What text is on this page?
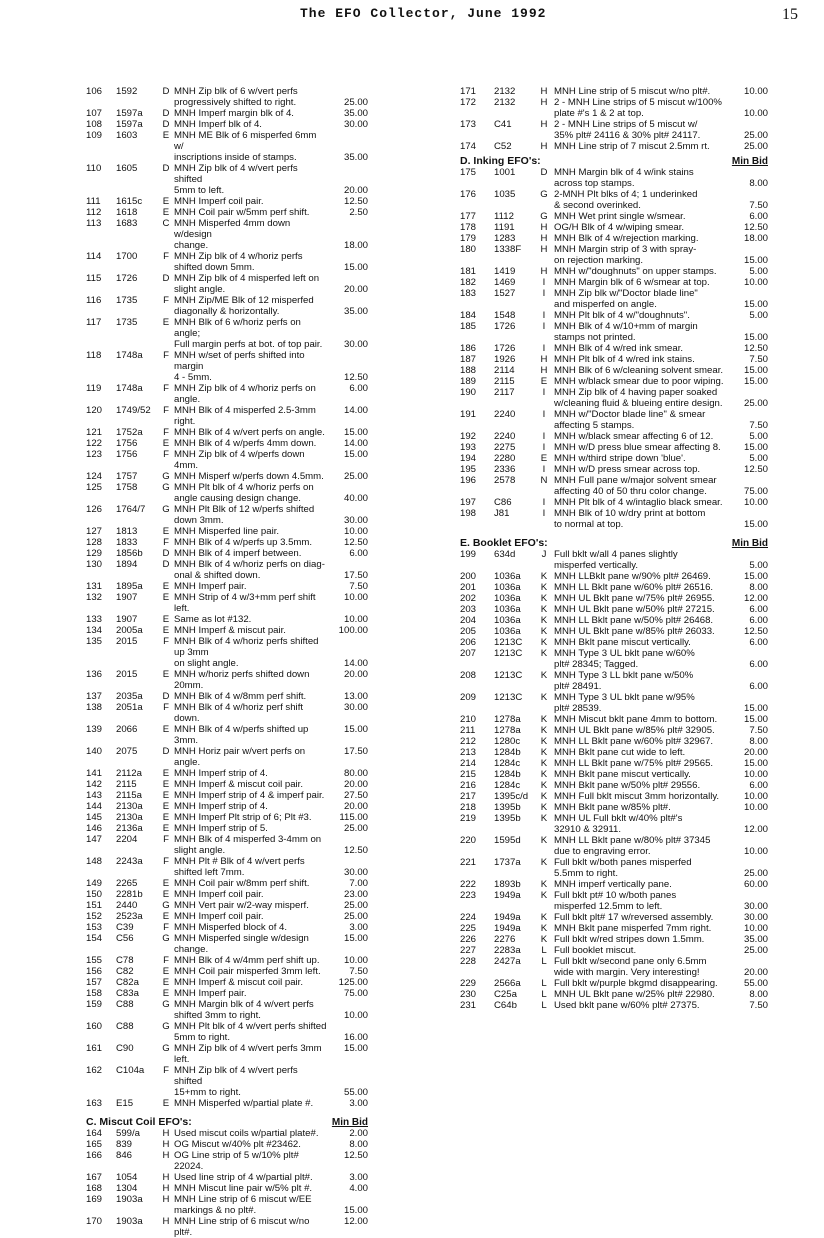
The EFO Collector, June 1992	15
106	1592	D MNH Zip blk of 6 w/vert perfs
progressively shifted to right.	25.00
107	1597a	D MNH Imperf margin blk of 4.	35.00
108	1597a	D MNH Imperf blk of 4.	30.00
109	1603	E MNH ME Blk of 6 misperfed 6mm w/
inscriptions inside of stamps.	35.00
110	1605	D MNH Zip blk of 4 w/vert perfs shifted
5mm to left.	20.00
111	1615c	E MNH Imperf coil pair.	12.50
112	1618	E MNH Coil pair w/5mm perf shift.	2.50
113	1683	C MNH Misperfed 4mm down w/design
change.	18.00
114	1700	F MNH Zip blk of 4 w/horiz perfs
shifted down 5mm.	15.00
115	1726	D MNH Zip blk of 4 misperfed left on
slight angle.	20.00
116	1735	F MNH Zip/ME Blk of 12 misperfed
diagonally & horizontally.	35.00
117	1735	E MNH Blk of 6 w/horiz perfs on angle;
Full margin perfs at bot. of top pair.	30.00
118	1748a	F MNH w/set of perfs shifted into margin
4 - 5mm.	12.50
119	1748a	F MNH Zip blk of 4 w/horiz perfs on angle.
6.00
120	1749/52	F MNH Blk of 4 misperfed 2.5-3mm right.
14.00
121	1752a	F MNH Blk of 4 w/vert perfs on angle.	15.00
122	1756	E MNH Blk of 4 w/perfs 4mm down.	14.00
123	1756	F MNH Zip blk of 4 w/perfs down 4mm.
15.00
124	1757	G MNH Misperf w/perfs down 4.5mm.	25.00
125	1758	G MNH Plt blk of 4 w/horiz perfs on
angle causing design change.	40.00
126	1764/7	G MNH Plt Blk of 12 w/perfs shifted
down 3mm.	30.00
127	1813	E MNH Misperfed line pair.	10.00
128	1833	F MNH Blk of 4 w/perfs up 3.5mm.	12.50
129	1856b	D MNH Blk of 4 imperf between.	6.00
130	1894	D MNH Blk of 4 w/horiz perfs on diag-
onal & shifted down.	17.50
131	1895a	E MNH Imperf pair.	7.50
132	1907	E MNH Strip of 4 w/3+mm perf shift left.
10.00
133	1907	E Same as lot #132.	10.00
134	2005a	E MNH Imperf & miscut pair.	100.00
135	2015	F MNH Blk of 4 w/horiz perfs shifted up 3mm
on slight angle.	14.00
136	2015	E MNH w/horiz perfs shifted down 20mm.
20.00
137	2035a	D MNH Blk of 4 w/8mm perf shift.	13.00
138	2051a	F MNH Blk of 4 w/horiz perf shift down.
30.00
139	2066	E MNH Blk of 4 w/perfs shifted up 3mm.
15.00
140	2075	D MNH Horiz pair w/vert perfs on angle.
17.50
141	2112a	E MNH Imperf strip of 4.	80.00
142	2115	E MNH Imperf & miscut coil pair.	20.00
143	2115a	E MNH Imperf strip of 4 & imperf pair.	27.50
144	2130a	E MNH Imperf strip of 4.	20.00
145	2130a	E MNH Imperf Plt strip of 6; Plt #3.	115.00
146	2136a	E MNH Imperf strip of 5.	25.00
147	2204	F MNH Blk of 4 misperfed 3-4mm on
slight angle.	12.50
148	2243a	F MNH Plt # Blk of 4 w/vert perfs
shifted left 7mm.	30.00
149	2265	E MNH Coil pair w/8mm perf shift.	7.00
150	2281b	E MNH Imperf coil pair.	23.00
151	2440	G MNH Vert pair w/2-way misperf.	25.00
152	2523a	E MNH Imperf coil pair.	25.00
153	C39	F MNH Misperfed block of 4.	3.00
154	C56	G MNH Misperfed single w/design change.
15.00
155	C78	F MNH Blk of 4 w/4mm perf shift up.	10.00
156	C82	E MNH Coil pair misperfed 3mm left.	7.50
157	C82a	E MNH Imperf & miscut coil pair.	125.00
158	C83a	E MNH Imperf pair.	75.00
159	C88	G MNH Margin blk of 4 w/vert perfs
shifted 3mm to right.	10.00
160	C88	G MNH Plt blk of 4 w/vert perfs shifted
5mm to right.	16.00
161	C90	G MNH Zip blk of 4 w/vert perfs 3mm left.
15.00
162	C104a	F MNH Zip blk of 4 w/vert perfs shifted
15+mm to right.	55.00
163	E15	E MNH Misperfed w/partial plate #.	3.00
C. Miscut Coil EFO's:	Min Bid
164	599/a	H Used miscut coils w/partial plate#.	2.00
165	839	H OG Miscut w/40% plt #23462.	8.00
166	846	H OG Line strip of 5 w/10% plt# 22024.
12.50
167	1054	H Used line strip of 4 w/partial plt#.	3.00
168	1304	H MNH Miscut line pair w/5% plt #.	4.00
169	1903a	H MNH Line strip of 6 miscut w/EE
markings & no plt#.	15.00
170	1903a	H MNH Line strip of 6 miscut w/no plt#.
12.00
171	2132	H MNH Line strip of 5 miscut w/no plt#.	10.00
172	2132	H 2 - MNH Line strips of 5 miscut w/100%
plate #'s 1 & 2 at top.	10.00
173	C41	H 2 - MNH Line strips of 5 miscut w/
35% plt# 24116 & 30% plt# 24117.	25.00
174	C52	H MNH Line strip of 7 miscut 2.5mm rt.	25.00
D. Inking EFO's:	Min Bid
175	1001	D MNH Margin blk of 4 w/ink stains
across top stamps.	8.00
176	1035	G 2-MNH Plt blks of 4; 1 underinked
& second overinked.	7.50
177	1112	G MNH Wet print single w/smear.	6.00
178	1191	H OG/H Blk of 4 w/wiping smear.	12.50
179	1283	H MNH Blk of 4 w/rejection marking.	18.00
180	1338F	H MNH Margin strip of 3 with spray-
on rejection marking.	15.00
181	1419	H MNH w/"doughnuts" on upper stamps.	5.00
182	1469	I MNH Margin blk of 6 w/smear at top.	10.00
183	1527	I MNH Zip blk w/"Doctor blade line"
and misperfed on angle.	15.00
184	1548	I MNH Plt blk of 4 w/"doughnuts".	5.00
185	1726	I MNH Blk of 4 w/10+mm of margin
stamps not printed.	15.00
186	1726	I MNH Blk of 4 w/red ink smear.	12.50
187	1926	H MNH Plt blk of 4 w/red ink stains.	7.50
188	2114	H MNH Blk of 6 w/cleaning solvent smear.	15.00
189	2115	E MNH w/black smear due to poor wiping.	15.00
190	2117	I MNH Zip blk of 4 having paper soaked
w/cleaning fluid & blueing entire design.	25.00
191	2240	I MNH w/"Doctor blade line" & smear
affecting 5 stamps.	7.50
192	2240	I MNH w/black smear affecting 6 of 12.	5.00
193	2275	I MNH w/D press blue smear affecting 8.	15.00
194	2280	E MNH w/third stripe down 'blue'.	5.00
195	2336	I MNH w/D press smear across top.	12.50
196	2578	N MNH Full pane w/major solvent smear
affecting 40 of 50 thru color change.	75.00
197	C86	I MNH Plt blk of 4 w/intaglio black smear.	10.00
198	J81	I MNH Blk of 10 w/dry print at bottom
to normal at top.	15.00
E. Booklet EFO's:	Min Bid
199	634d	J Full bklt w/all 4 panes slightly
misperfed vertically.	5.00
200	1036a	K MNH LLBklt pane w/90% plt# 26469.	15.00
201	1036a	K MNH LL Bklt pane w/60% plt# 26516.	8.00
202	1036a	K MNH UL Bklt pane w/75% plt# 26955.	12.00
203	1036a	K MNH UL Bklt pane w/50% plt# 27215.	6.00
204	1036a	K MNH LL Bklt pane w/50% plt# 26468.	6.00
205	1036a	K MNH UL Bklt pane w/85% plt# 26033.	12.50
206	1213C	K MNH Bklt pane miscut vertically.	6.00
207	1213C	K MNH Type 3 UL bklt pane w/60%
plt# 28345; Tagged.	6.00
208	1213C	K MNH Type 3 LL bklt pane w/50%
plt# 28491.	6.00
209	1213C	K MNH Type 3 UL bklt pane w/95%
plt# 28539.	15.00
210	1278a	K MNH Miscut bklt pane 4mm to bottom.	15.00
211	1278a	K MNH UL Bklt pane w/85% plt# 32905.	7.50
212	1280c	K MNH LL Bklt pane w/60% plt# 32967.	8.00
213	1284b	K MNH Bklt pane cut wide to left.	20.00
214	1284c	K MNH LL Bklt pane w/75% plt# 29565.	15.00
215	1284b	K MNH Bklt pane miscut vertically.	10.00
216	1284c	K MNH Bklt pane w/50% plt# 29556.	6.00
217	1395c/d	K MNH Full bklt miscut 3mm horizontally.	10.00
218	1395b	K MNH Bklt pane w/85% plt#.	10.00
219	1395b	K MNH UL Full bklt w/40% plt#'s
32910 & 32911.	12.00
220	1595d	K MNH LL Bklt pane w/80% plt# 37345
due to engraving error.	10.00
221	1737a	K Full bklt w/both panes misperfed
5.5mm to right.	25.00
222	1893b	K MNH imperf vertically pane.	60.00
223	1949a	K Full bklt pt# 10 w/both panes
misperfed 12.5mm to left.	30.00
224	1949a	K Full bklt plt# 17 w/reversed assembly.	30.00
225	1949a	K MNH Bklt pane misperfed 7mm right.	10.00
226	2276	K Full bklt w/red stripes down 1.5mm.	35.00
227	2283a	L Full booklet miscut.	25.00
228	2427a	L Full bklt w/second pane only 6.5mm
wide with margin. Very interesting!	20.00
229	2566a	L Full bklt w/purple bkgmd disappearing.	55.00
230	C25a	L MNH UL Bklt pane w/25% plt# 22980.	8.00
231	C64b	L Used bklt pane w/60% plt# 27375.	7.50
